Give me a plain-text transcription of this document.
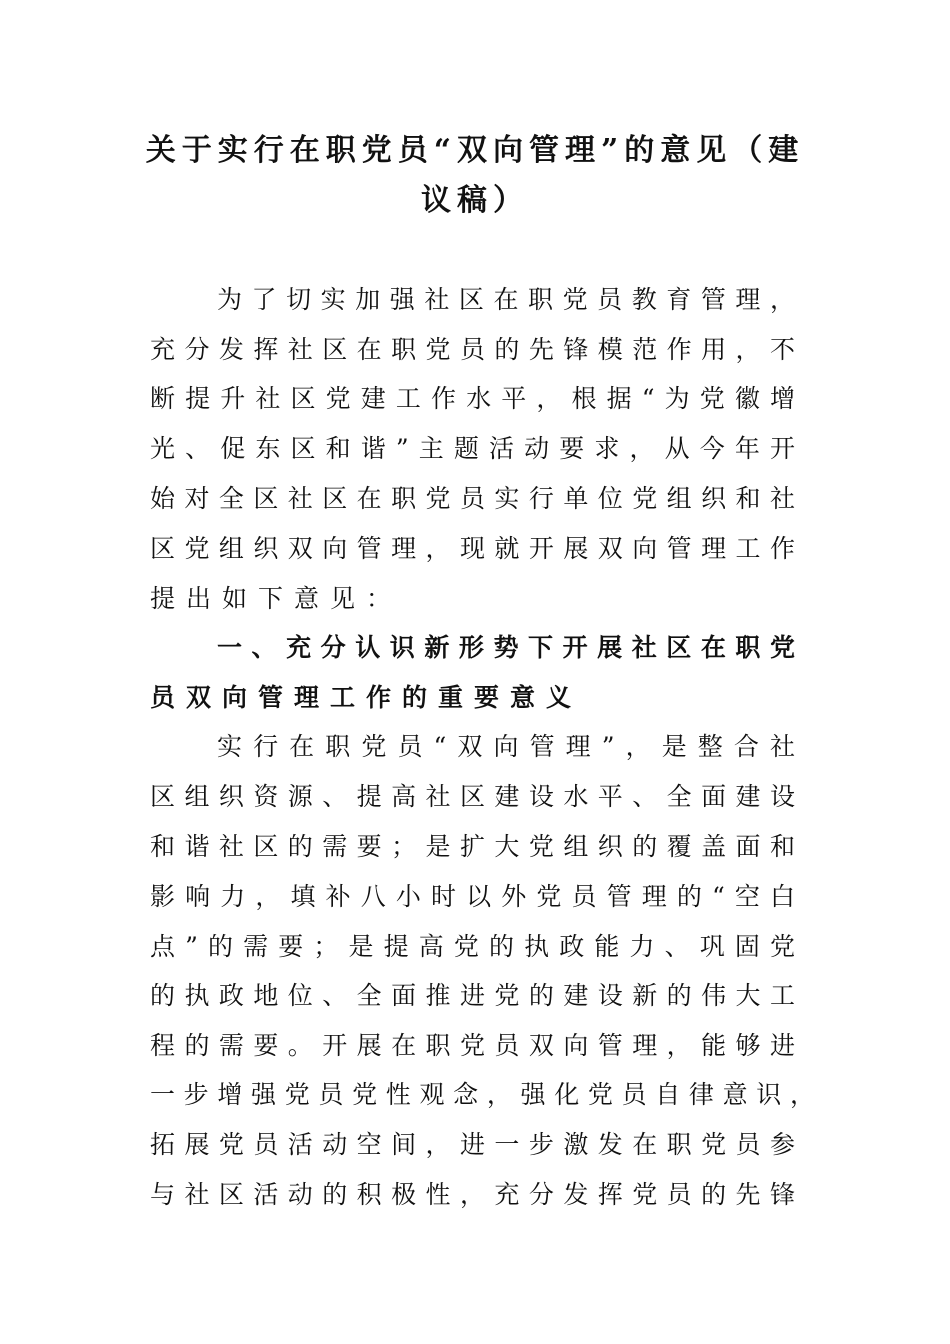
关于实行在职党员“双向管理”的意见（建
议稿）
为了切实加强社区在职党员教育管理，
充分发挥社区在职党员的先锋模范作用，不
断提升社区党建工作水平，根据“为党徽增
光、促东区和谐”主题活动要求，从今年开
始对全区社区在职党员实行单位党组织和社
区党组织双向管理，现就开展双向管理工作
提出如下意见：
一、充分认识新形势下开展社区在职党
员双向管理工作的重要意义
实行在职党员“双向管理”，是整合社
区组织资源、提高社区建设水平、全面建设
和谐社区的需要；是扩大党组织的覆盖面和
影响力，填补八小时以外党员管理的“空白
点”的需要；是提高党的执政能力、巩固党
的执政地位、全面推进党的建设新的伟大工
程的需要。开展在职党员双向管理，能够进
一步增强党员党性观念，强化党员自律意识，
拓展党员活动空间，进一步激发在职党员参
与社区活动的积极性，充分发挥党员的先锋
